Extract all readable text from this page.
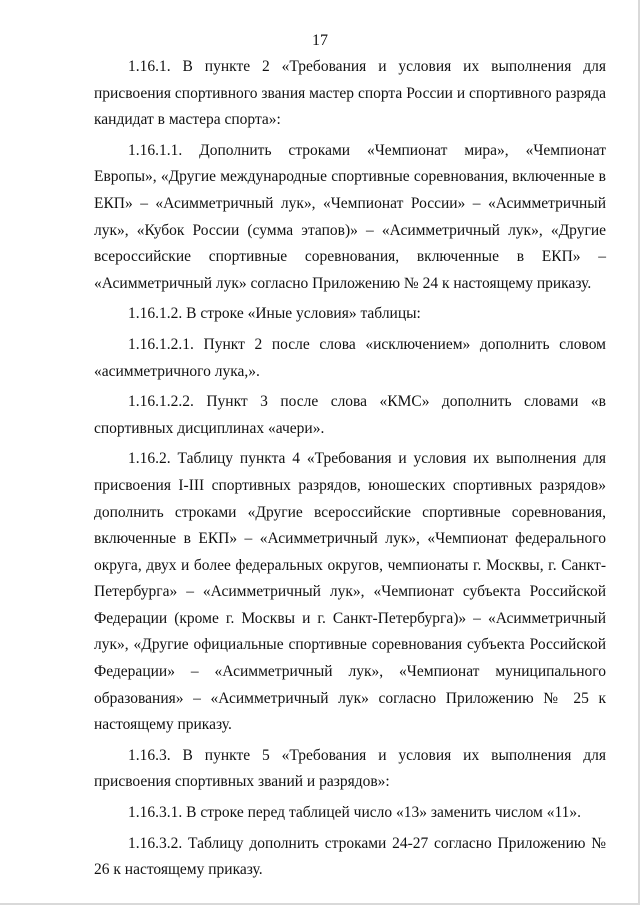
17

1.16.1. В пункте 2 «Требования и условия их выполнения для присвоения спортивного звания мастер спорта России и спортивного разряда кандидат в мастера спорта»:

1.16.1.1. Дополнить строками «Чемпионат мира», «Чемпионат Европы», «Другие международные спортивные соревнования, включенные в ЕКП» – «Асимметричный лук», «Чемпионат России» – «Асимметричный лук», «Кубок России (сумма этапов)» – «Асимметричный лук», «Другие всероссийские спортивные соревнования, включенные в ЕКП» – «Асимметричный лук» согласно Приложению № 24 к настоящему приказу.

1.16.1.2. В строке «Иные условия» таблицы:

1.16.1.2.1. Пункт 2 после слова «исключением» дополнить словом «асимметричного лука,».

1.16.1.2.2. Пункт 3 после слова «КМС» дополнить словами «в спортивных дисциплинах «ачери».

1.16.2. Таблицу пункта 4 «Требования и условия их выполнения для присвоения I-III спортивных разрядов, юношеских спортивных разрядов» дополнить строками «Другие всероссийские спортивные соревнования, включенные в ЕКП» – «Асимметричный лук», «Чемпионат федерального округа, двух и более федеральных округов, чемпионаты г. Москвы, г. Санкт-Петербурга» – «Асимметричный лук», «Чемпионат субъекта Российской Федерации (кроме г. Москвы и г. Санкт-Петербурга)» – «Асимметричный лук», «Другие официальные спортивные соревнования субъекта Российской Федерации» – «Асимметричный лук», «Чемпионат муниципального образования» – «Асимметричный лук» согласно Приложению № 25 к настоящему приказу.

1.16.3. В пункте 5 «Требования и условия их выполнения для присвоения спортивных званий и разрядов»:

1.16.3.1. В строке перед таблицей число «13» заменить числом «11».

1.16.3.2. Таблицу дополнить строками 24-27 согласно Приложению № 26 к настоящему приказу.
